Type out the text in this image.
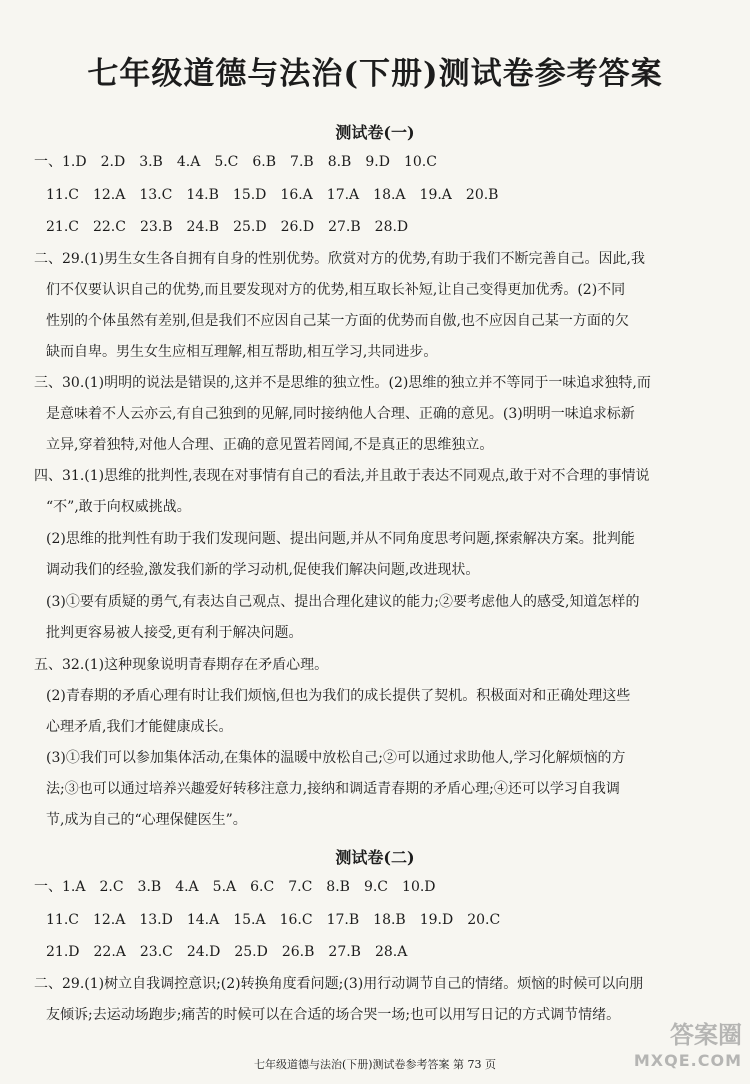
七年级道德与法治(下册)测试卷参考答案
测试卷(一)
一、1.D 2.D 3.B 4.A 5.C 6.B 7.B 8.B 9.D 10.C
11.C 12.A 13.C 14.B 15.D 16.A 17.A 18.A 19.A 20.B
21.C 22.C 23.B 24.B 25.D 26.D 27.B 28.D
二、29.(1)男生女生各自拥有自身的性别优势。欣赏对方的优势,有助于我们不断完善自己。因此,我
们不仅要认识自己的优势,而且要发现对方的优势,相互取长补短,让自己变得更加优秀。(2)不同
性别的个体虽然有差别,但是我们不应因自己某一方面的优势而自傲,也不应因自己某一方面的欠
缺而自卑。男生女生应相互理解,相互帮助,相互学习,共同进步。
三、30.(1)明明的说法是错误的,这并不是思维的独立性。(2)思维的独立并不等同于一味追求独特,而
是意味着不人云亦云,有自己独到的见解,同时接纳他人合理、正确的意见。(3)明明一味追求标新
立异,穿着独特,对他人合理、正确的意见置若罔闻,不是真正的思维独立。
四、31.(1)思维的批判性,表现在对事情有自己的看法,并且敢于表达不同观点,敢于对不合理的事情说
“不”,敢于向权威挑战。
(2)思维的批判性有助于我们发现问题、提出问题,并从不同角度思考问题,探索解决方案。批判能
调动我们的经验,激发我们新的学习动机,促使我们解决问题,改进现状。
(3)①要有质疑的勇气,有表达自己观点、提出合理化建议的能力;②要考虑他人的感受,知道怎样的
批判更容易被人接受,更有利于解决问题。
五、32.(1)这种现象说明青春期存在矛盾心理。
(2)青春期的矛盾心理有时让我们烦恼,但也为我们的成长提供了契机。积极面对和正确处理这些
心理矛盾,我们才能健康成长。
(3)①我们可以参加集体活动,在集体的温暖中放松自己;②可以通过求助他人,学习化解烦恼的方
法;③也可以通过培养兴趣爱好转移注意力,接纳和调适青春期的矛盾心理;④还可以学习自我调
节,成为自己的“心理保健医生”。
测试卷(二)
一、1.A 2.C 3.B 4.A 5.A 6.C 7.C 8.B 9.C 10.D
11.C 12.A 13.D 14.A 15.A 16.C 17.B 18.B 19.D 20.C
21.D 22.A 23.C 24.D 25.D 26.B 27.B 28.A
二、29.(1)树立自我调控意识;(2)转换角度看问题;(3)用行动调节自己的情绪。烦恼的时候可以向朋
友倾诉;去运动场跑步;痛苦的时候可以在合适的场合哭一场;也可以用写日记的方式调节情绪。
七年级道德与法治(下册)测试卷参考答案 第 73 页
答案圈
MXQE.COM
